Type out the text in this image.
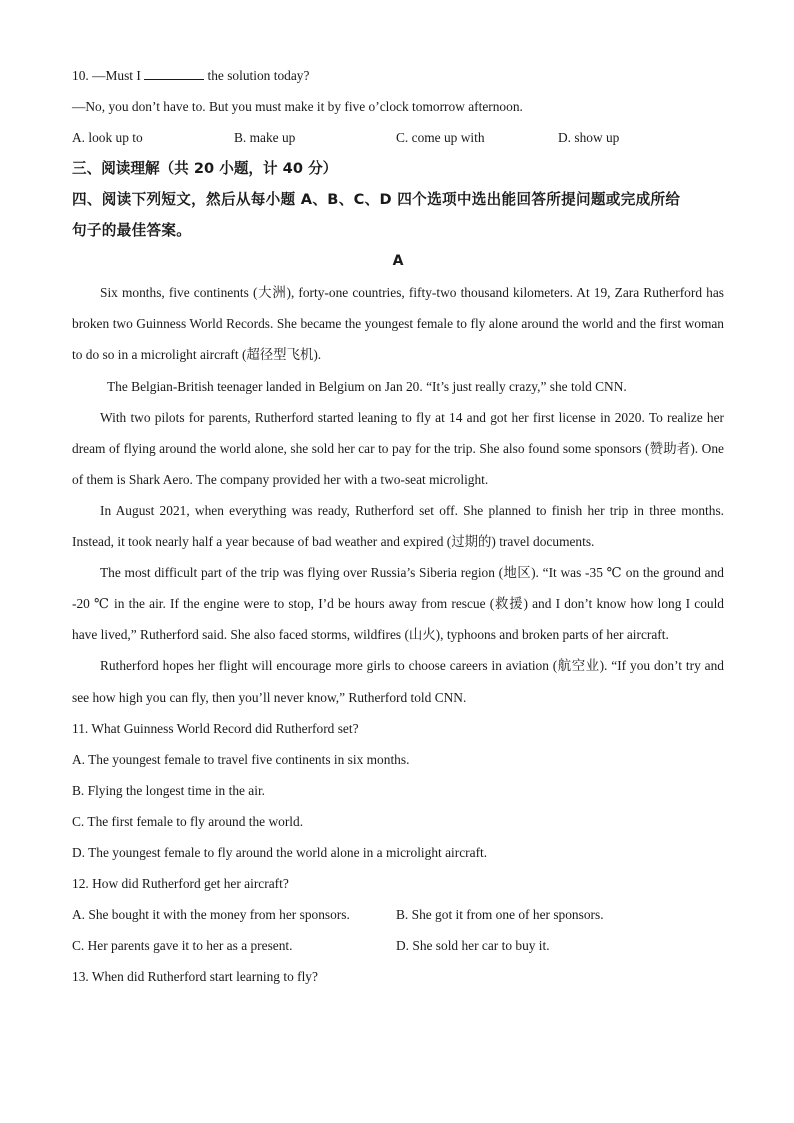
10. —Must I	the solution today?
—No, you don’t have to. But you must make it by five o’clock tomorrow afternoon.
A. look up to	B. make up	C. come up with	D. show up
三、阅读理解（共 20 小题，计 40 分）
四、阅读下列短文，然后从每小题 A、B、C、D 四个选项中选出能回答所提问题或完成所给
句子的最佳答案。
A
Six months, five continents (大洲), forty-one countries, fifty-two thousand kilometers. At 19, Zara Rutherford has broken two Guinness World Records. She became the youngest female to fly alone around the world and the first woman to do so in a microlight aircraft (超径型飞机).
The Belgian-British teenager landed in Belgium on Jan 20. “It’s just really crazy,” she told CNN.
With two pilots for parents, Rutherford started leaning to fly at 14 and got her first license in 2020. To realize her dream of flying around the world alone, she sold her car to pay for the trip. She also found some sponsors (赞助者). One of them is Shark Aero. The company provided her with a two-seat microlight.
In August 2021, when everything was ready, Rutherford set off. She planned to finish her trip in three months. Instead, it took nearly half a year because of bad weather and expired (过期的) travel documents.
The most difficult part of the trip was flying over Russia’s Siberia region (地区). “It was -35 ℃ on the ground and -20 ℃ in the air. If the engine were to stop, I’d be hours away from rescue (救援) and I don’t know how long I could have lived,” Rutherford said. She also faced storms, wildfires (山火), typhoons and broken parts of her aircraft.
Rutherford hopes her flight will encourage more girls to choose careers in aviation (航空业). “If you don’t try and see how high you can fly, then you’ll never know,” Rutherford told CNN.
11. What Guinness World Record did Rutherford set?
A. The youngest female to travel five continents in six months.
B. Flying the longest time in the air.
C. The first female to fly around the world.
D. The youngest female to fly around the world alone in a microlight aircraft.
12. How did Rutherford get her aircraft?
A. She bought it with the money from her sponsors.	B. She got it from one of her sponsors.
C. Her parents gave it to her as a present.	D. She sold her car to buy it.
13. When did Rutherford start learning to fly?
